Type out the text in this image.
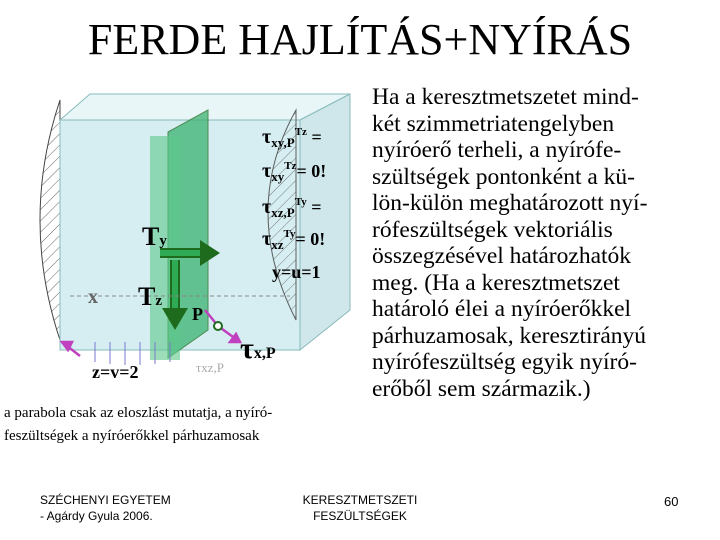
FERDE HAJLÍTÁS+NYÍRÁS
$\tau_{xy,P}^{Tz}$ =
$\tau_{xy}^{Tz}= 0$!
$\tau_{xz,P}^{Ty}$ =
$\tau_{xz}^{Ty}= 0$!
y=u=1
Ty
Tz
x
P
z=v=2	τxz,P
τx,P
Ha a keresztmetszetet mind-
két szimmetriatengelyben
nyíróerő terheli, a nyírófe-
szültségek pontonként a kü-
lön-külön meghatározott nyí-
rófeszültségek vektoriális
összegzésével határozhatók
meg. (Ha a keresztmetszet
határoló élei a nyíróerőkkel
párhuzamosak, keresztirányú
nyírófeszültség egyik nyíró-
erőből sem származik.)
a parabola csak az eloszlást mutatja, a nyíró-
feszültségek a nyíróerőkkel párhuzamosak
SZÉCHENYI EGYETEM
- Agárdy Gyula 2006.
KERESZTMETSZETI
FESZÜLTSÉGEK
60
